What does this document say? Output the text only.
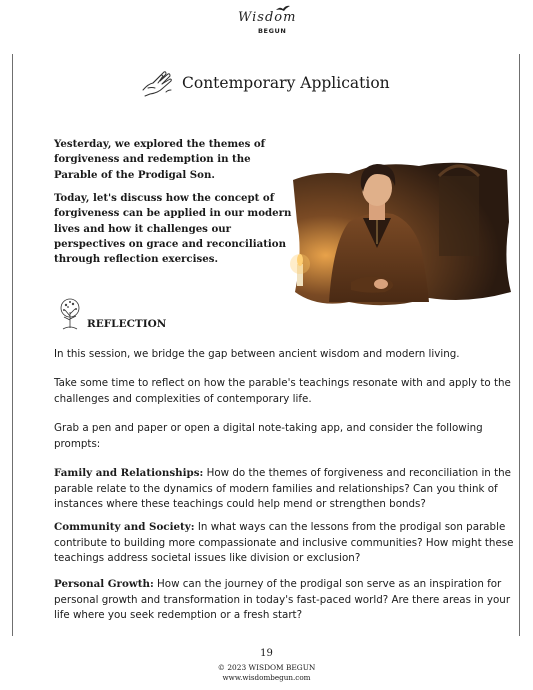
Wisdom
BEGUN
Contemporary Application
Yesterday, we explored the themes of forgiveness and redemption in the Parable of the Prodigal Son.
Today, let's discuss how the concept of forgiveness can be applied in our modern lives and how it challenges our perspectives on grace and reconciliation through reflection exercises.
REFLECTION
In this session, we bridge the gap between ancient wisdom and modern living.
Take some time to reflect on how the parable's teachings resonate with and apply to the challenges and complexities of contemporary life.
Grab a pen and paper or open a digital note-taking app, and consider the following prompts:
Family and Relationships: How do the themes of forgiveness and reconciliation in the parable relate to the dynamics of modern families and relationships? Can you think of instances where these teachings could help mend or strengthen bonds?
Community and Society: In what ways can the lessons from the prodigal son parable contribute to building more compassionate and inclusive communities? How might these teachings address societal issues like division or exclusion?
Personal Growth: How can the journey of the prodigal son serve as an inspiration for personal growth and transformation in today's fast-paced world? Are there areas in your life where you seek redemption or a fresh start?
19
© 2023 WISDOM BEGUN
www.wisdombegun.com
